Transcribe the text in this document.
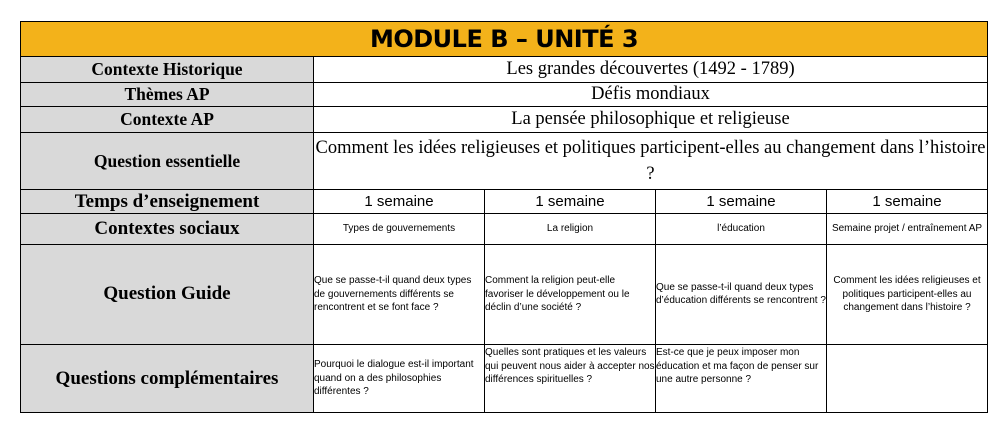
MODULE B – UNITÉ 3				
Contexte Historique	Les grandes découvertes (1492 - 1789)			
Thèmes AP	Défis mondiaux			
Contexte AP	La pensée philosophique et religieuse			
Question essentielle	Comment les idées religieuses et politiques participent-elles au changement dans l’histoire ?			
Temps d’enseignement	1 semaine	1 semaine	1 semaine	1 semaine
Contextes sociaux	Types de gouvernements	La religion	l’éducation	Semaine projet / entraînement AP
Question Guide	Que se passe-t-il quand deux types de gouvernements différents se rencontrent et se font face ?	Comment la religion peut-elle favoriser le développement ou le déclin d’une société ?	Que se passe-t-il quand deux types d’éducation différents se rencontrent ?	Comment les idées religieuses et politiques participent-elles au changement dans l’histoire ?
Questions complémentaires	Pourquoi le dialogue est-il important quand on a des philosophies différentes ?	Quelles sont pratiques et les valeurs qui peuvent nous aider à accepter nos différences spirituelles ?	Est-ce que je peux imposer mon éducation et ma façon de penser sur une autre personne ?	
